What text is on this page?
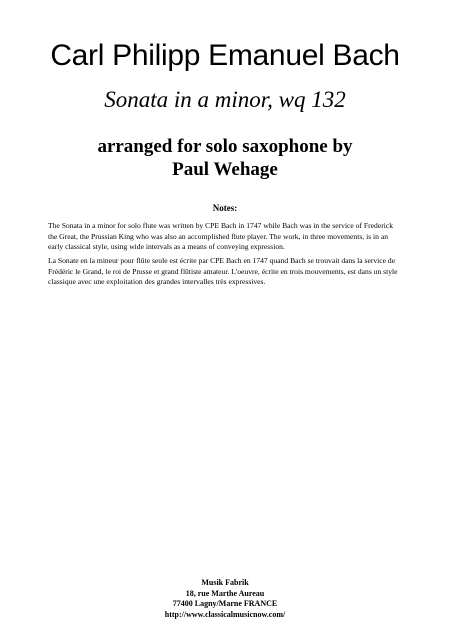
Carl Philipp Emanuel Bach
Sonata in a minor, wq 132
arranged for solo saxophone by
Paul Wehage
Notes:
The Sonata in a minor for solo flute was written by CPE Bach in 1747 while Bach was in the service of Frederick the Great, the Prussian King who was also an accomplished flute player. The work, in three movements, is in an early classical style, using wide intervals as a means of conveying expression.
La Sonate en la mineur pour flûte seule est écrite par CPE Bach en 1747 quand Bach se trouvait dans la service de Frédéric le Grand, le roi de Prusse et grand flûtiste amateur. L'oeuvre, écrite en trois mouvements, est dans un style classique avec une exploitation des grandes intervalles très expressives.
Musik Fabrik
18, rue Marthe Aureau
77400 Lagny/Marne FRANCE
http://www.classicalmusicnow.com/
